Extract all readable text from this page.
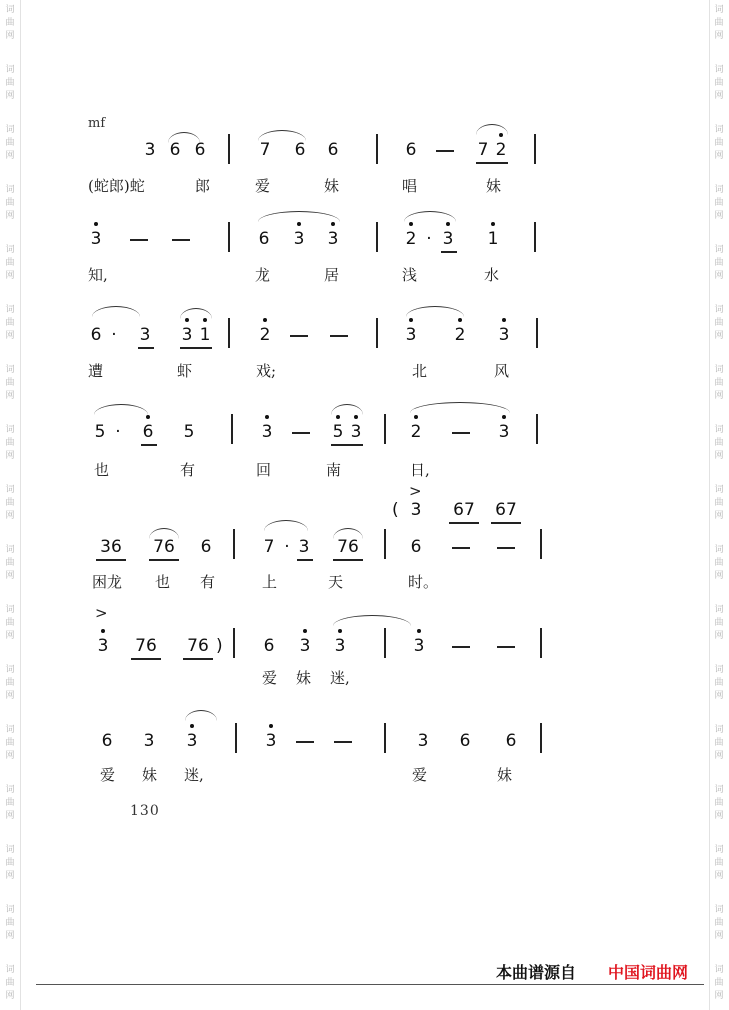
词
曲
网
词
曲
网
词
曲
网
词
曲
网
词
曲
网
词
曲
网
词
曲
网
词
曲
网
词
曲
网
词
曲
网
词
曲
网
词
曲
网
词
曲
网
词
曲
网
词
曲
网
词
曲
网
词
曲
网
词
曲
网
词
曲
网
词
曲
网
词
曲
网
词
曲
网
词
曲
网
词
曲
网
词
曲
网
词
曲
网
词
曲
网
词
曲
网
词
曲
网
词
曲
网
词
曲
网
词
曲
网
词
曲
网
词
曲
网
mf
3 6 6	7 6 6	6	7 2
(蛇郎)蛇	郎	爱	妹	唱	妹
3	6 3 3	2 · 3 1
知,	龙	居	浅	水
6 · 3 3 1	2	3 2 3
遭	虾	戏;	北	风
5 · 6 5	3	5 3	2	3
也	有	回	南	日,
>
( 3 67 67
36 76 6	7 · 3 76	6
困龙 也 有	上	天	时。
>
3 76 76 ) 6 3 3	3
爱 妹 迷,
6 3 3	3	3 6 6
爱 妹 迷,	爱	妹
130
本曲谱源自 中国词曲网
